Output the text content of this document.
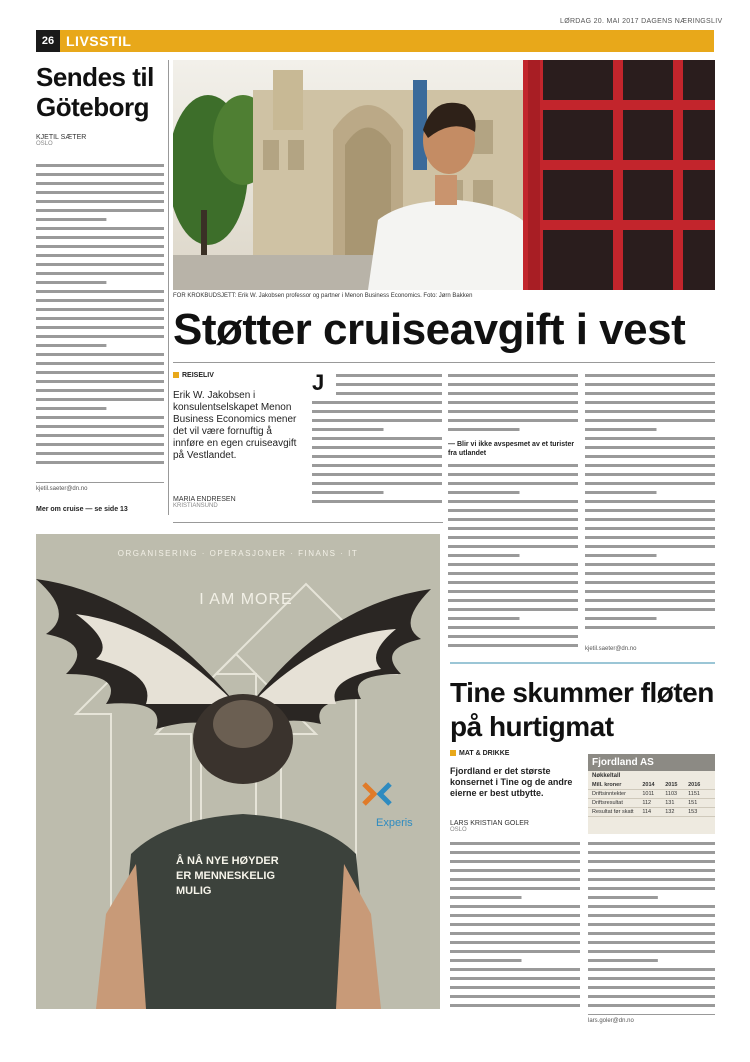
LØRDAG 20. MAI 2017 DAGENS NÆRINGSLIV
26 LIVSSTIL
Sendes til Göteborg
KJETIL SÆTER
OSLO
kjetil.saeter@dn.no
Mer om cruise — se side 13
FOR KROKBUDSJETT: Erik W. Jakobsen professor og partner i Menon Business Economics. Foto: Jørn Bakken
Støtter cruiseavgift i vest
REISELIV
Erik W. Jakobsen i konsulentselskapet Menon Business Economics mener det vil være fornuftig å innføre en egen cruiseavgift på Vestlandet.
MARIA ENDRESEN
KRISTIANSUND
J
— Blir vi ikke avspesmet av et turister fra utlandet
kjetil.saeter@dn.no
Experis
ORGANISERING · OPERASJONER · FINANS · IT
I AM MORE
Å NÅ NYE HØYDER
ER MENNESKELIG
MULIG
Tine skummer fløten på hurtigmat
MAT & DRIKKE
Fjordland er det største konsernet i Tine og de andre eierne er best utbytte.
LARS KRISTIAN GOLER
OSLO
Fjordland AS
Nøkkeltall
Mill. kroner	2014	2015	2016
Driftsinntekter	1011	1103	1151
Driftsresultat	112	131	151
Resultat før skatt	114	132	153
lars.goler@dn.no
